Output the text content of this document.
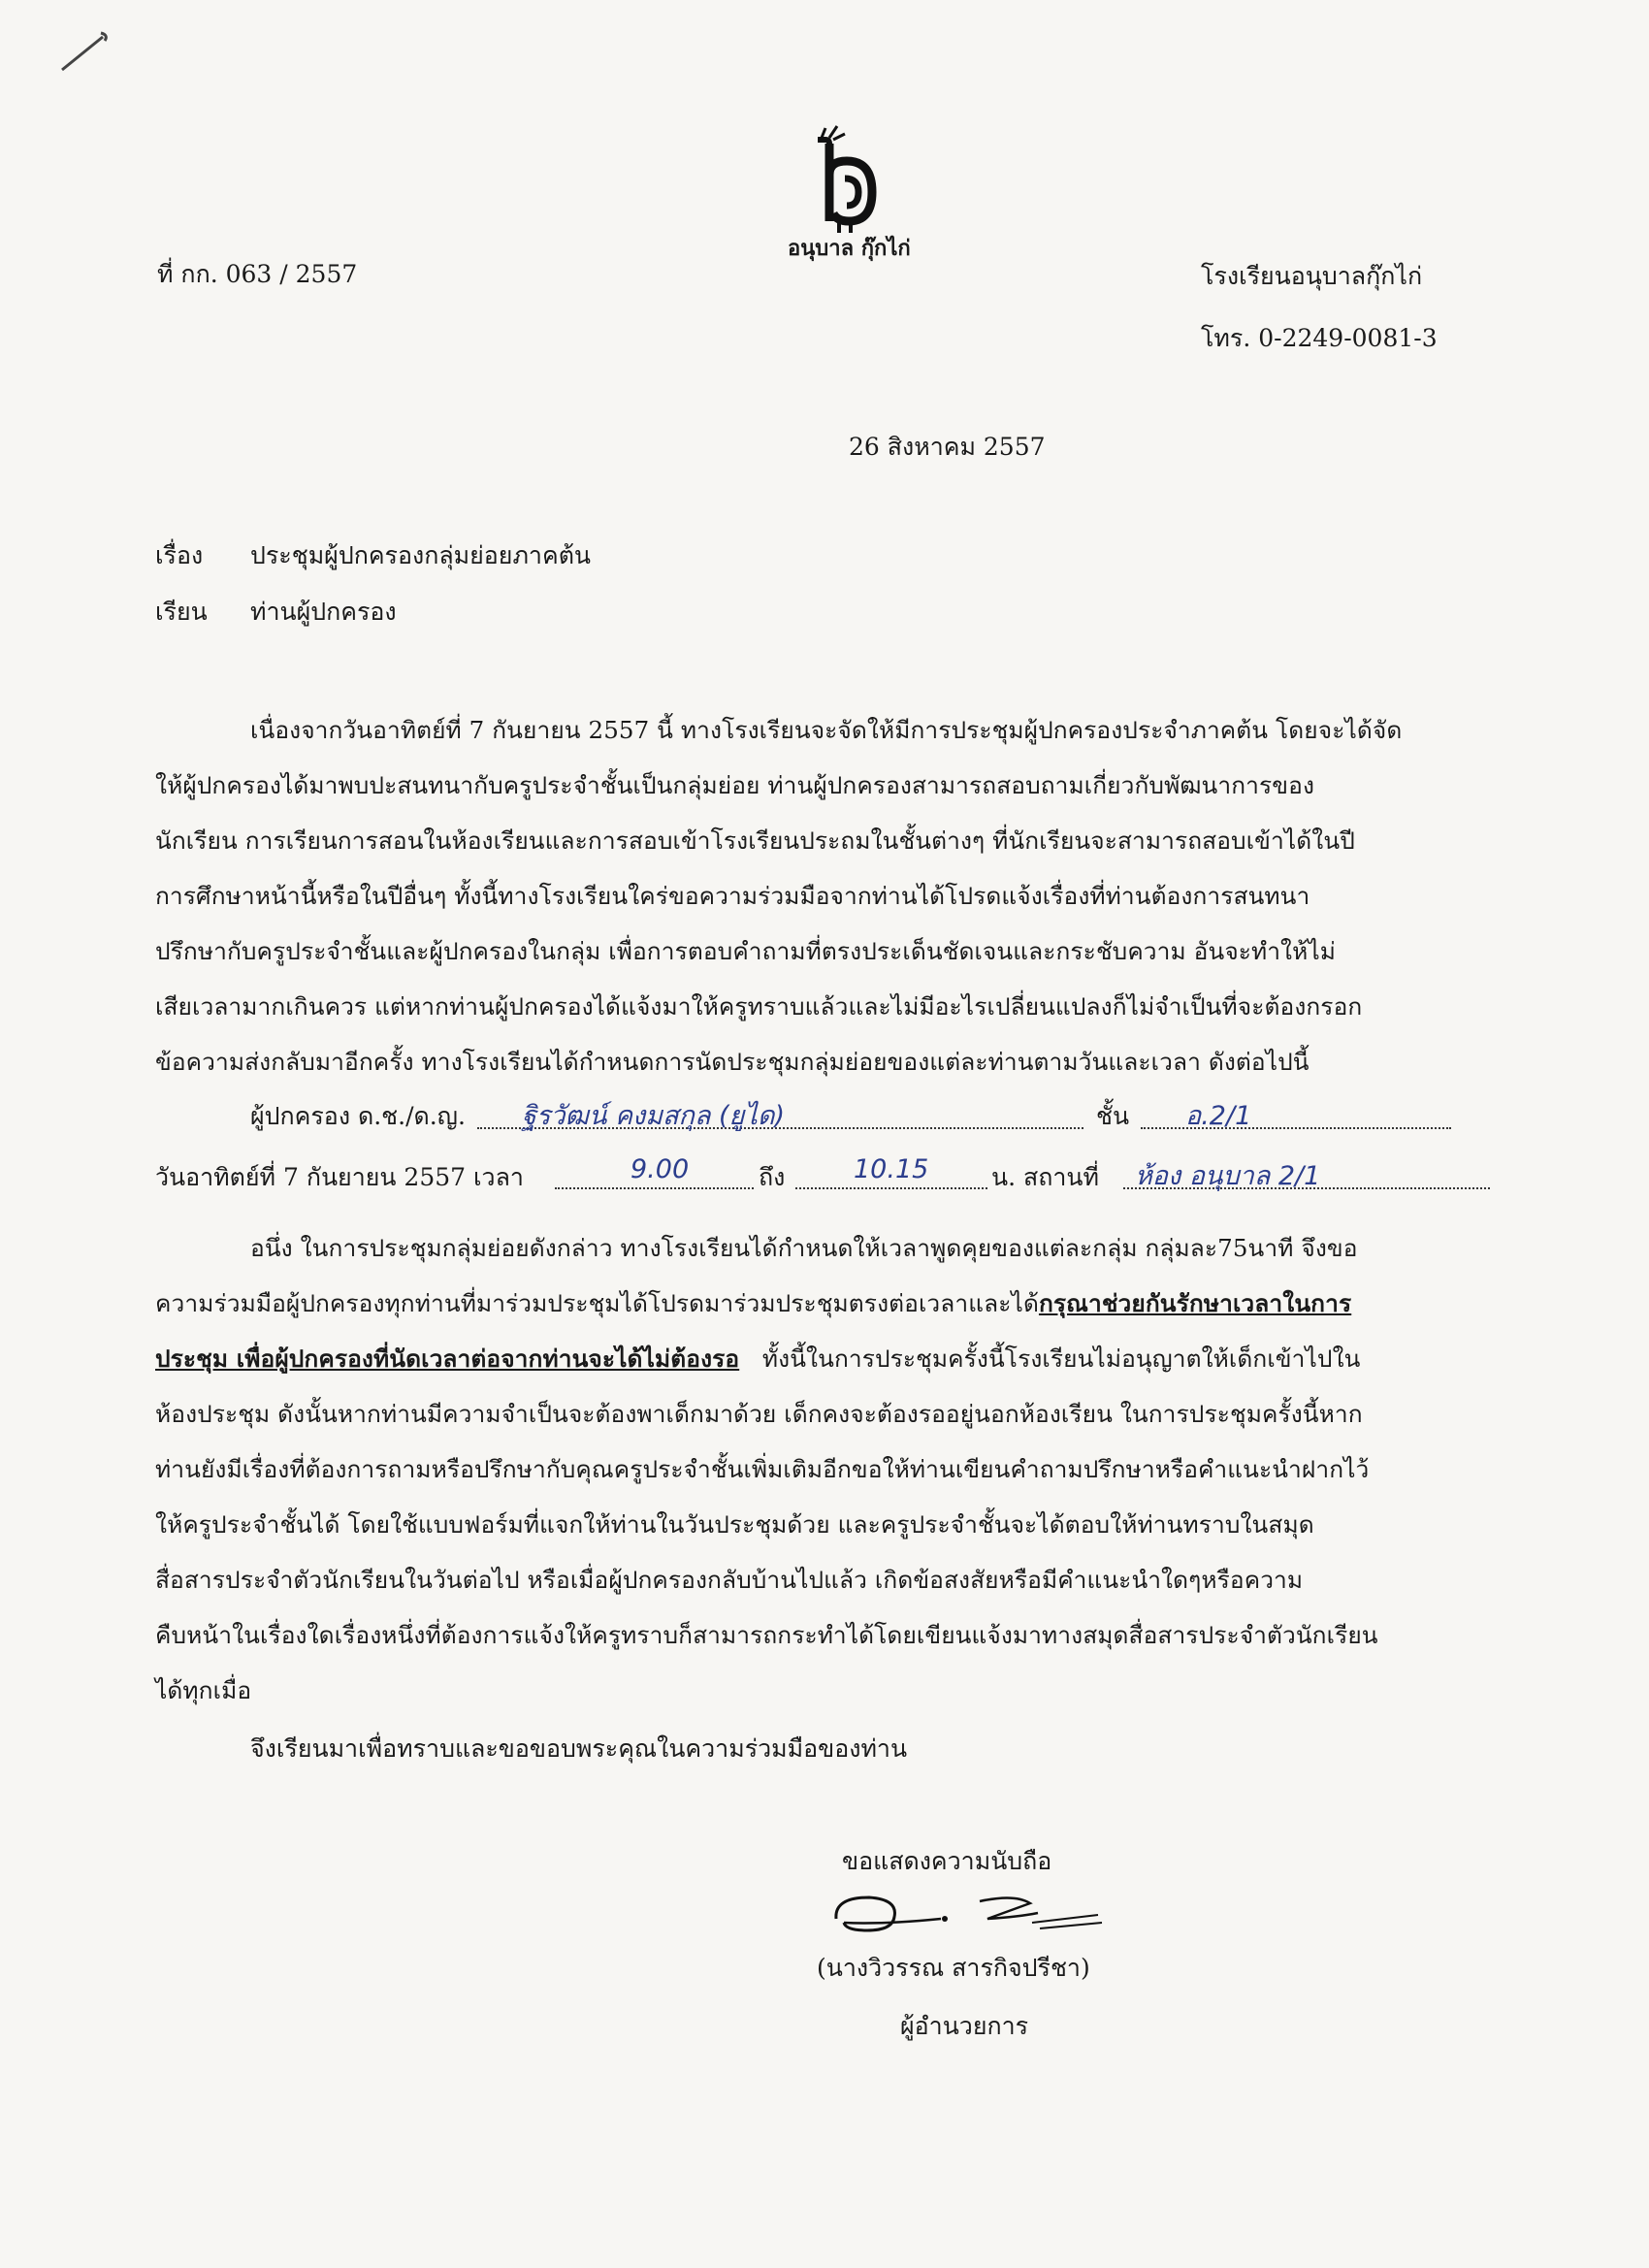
อนุบาล กุ๊กไก่
ที่ กก. 063 / 2557	โรงเรียนอนุบาลกุ๊กไก่
โทร. 0-2249-0081-3
26 สิงหาคม 2557
เรื่อง ประชุมผู้ปกครองกลุ่มย่อยภาคต้น
เรียน ท่านผู้ปกครอง
เนื่องจากวันอาทิตย์ที่ 7 กันยายน 2557 นี้ ทางโรงเรียนจะจัดให้มีการประชุมผู้ปกครองประจำภาคต้น โดยจะได้จัด
ให้ผู้ปกครองได้มาพบปะสนทนากับครูประจำชั้นเป็นกลุ่มย่อย ท่านผู้ปกครองสามารถสอบถามเกี่ยวกับพัฒนาการของ
นักเรียน การเรียนการสอนในห้องเรียนและการสอบเข้าโรงเรียนประถมในชั้นต่างๆ ที่นักเรียนจะสามารถสอบเข้าได้ในปี
การศึกษาหน้านี้หรือในปีอื่นๆ ทั้งนี้ทางโรงเรียนใคร่ขอความร่วมมือจากท่านได้โปรดแจ้งเรื่องที่ท่านต้องการสนทนา
ปรึกษากับครูประจำชั้นและผู้ปกครองในกลุ่ม เพื่อการตอบคำถามที่ตรงประเด็นชัดเจนและกระชับความ อันจะทำให้ไม่
เสียเวลามากเกินควร แต่หากท่านผู้ปกครองได้แจ้งมาให้ครูทราบแล้วและไม่มีอะไรเปลี่ยนแปลงก็ไม่จำเป็นที่จะต้องกรอก
ข้อความส่งกลับมาอีกครั้ง ทางโรงเรียนได้กำหนดการนัดประชุมกลุ่มย่อยของแต่ละท่านตามวันและเวลา ดังต่อไปนี้
ผู้ปกครอง ด.ช./ด.ญ. ฐิรวัฒน์ คงมสกุล (ยูได)	ชั้น อ.2/1
วันอาทิตย์ที่ 7 กันยายน 2557 เวลา	9.00	ถึง	10.15	น. สถานที่ ห้อง อนุบาล 2/1
อนึ่ง ในการประชุมกลุ่มย่อยดังกล่าว ทางโรงเรียนได้กำหนดให้เวลาพูดคุยของแต่ละกลุ่ม กลุ่มละ75นาที จึงขอ
ความร่วมมือผู้ปกครองทุกท่านที่มาร่วมประชุมได้โปรดมาร่วมประชุมตรงต่อเวลาและได้กรุณาช่วยกันรักษาเวลาในการ
ประชุม เพื่อผู้ปกครองที่นัดเวลาต่อจากท่านจะได้ไม่ต้องรอ ทั้งนี้ในการประชุมครั้งนี้โรงเรียนไม่อนุญาตให้เด็กเข้าไปใน
ห้องประชุม ดังนั้นหากท่านมีความจำเป็นจะต้องพาเด็กมาด้วย เด็กคงจะต้องรออยู่นอกห้องเรียน ในการประชุมครั้งนี้หาก
ท่านยังมีเรื่องที่ต้องการถามหรือปรึกษากับคุณครูประจำชั้นเพิ่มเติมอีกขอให้ท่านเขียนคำถามปรึกษาหรือคำแนะนำฝากไว้
ให้ครูประจำชั้นได้ โดยใช้แบบฟอร์มที่แจกให้ท่านในวันประชุมด้วย และครูประจำชั้นจะได้ตอบให้ท่านทราบในสมุด
สื่อสารประจำตัวนักเรียนในวันต่อไป หรือเมื่อผู้ปกครองกลับบ้านไปแล้ว เกิดข้อสงสัยหรือมีคำแนะนำใดๆหรือความ
คืบหน้าในเรื่องใดเรื่องหนึ่งที่ต้องการแจ้งให้ครูทราบก็สามารถกระทำได้โดยเขียนแจ้งมาทางสมุดสื่อสารประจำตัวนักเรียน
ได้ทุกเมื่อ
จึงเรียนมาเพื่อทราบและขอขอบพระคุณในความร่วมมือของท่าน
ขอแสดงความนับถือ
(นางวิวรรณ สารกิจปรีชา)
ผู้อำนวยการ
